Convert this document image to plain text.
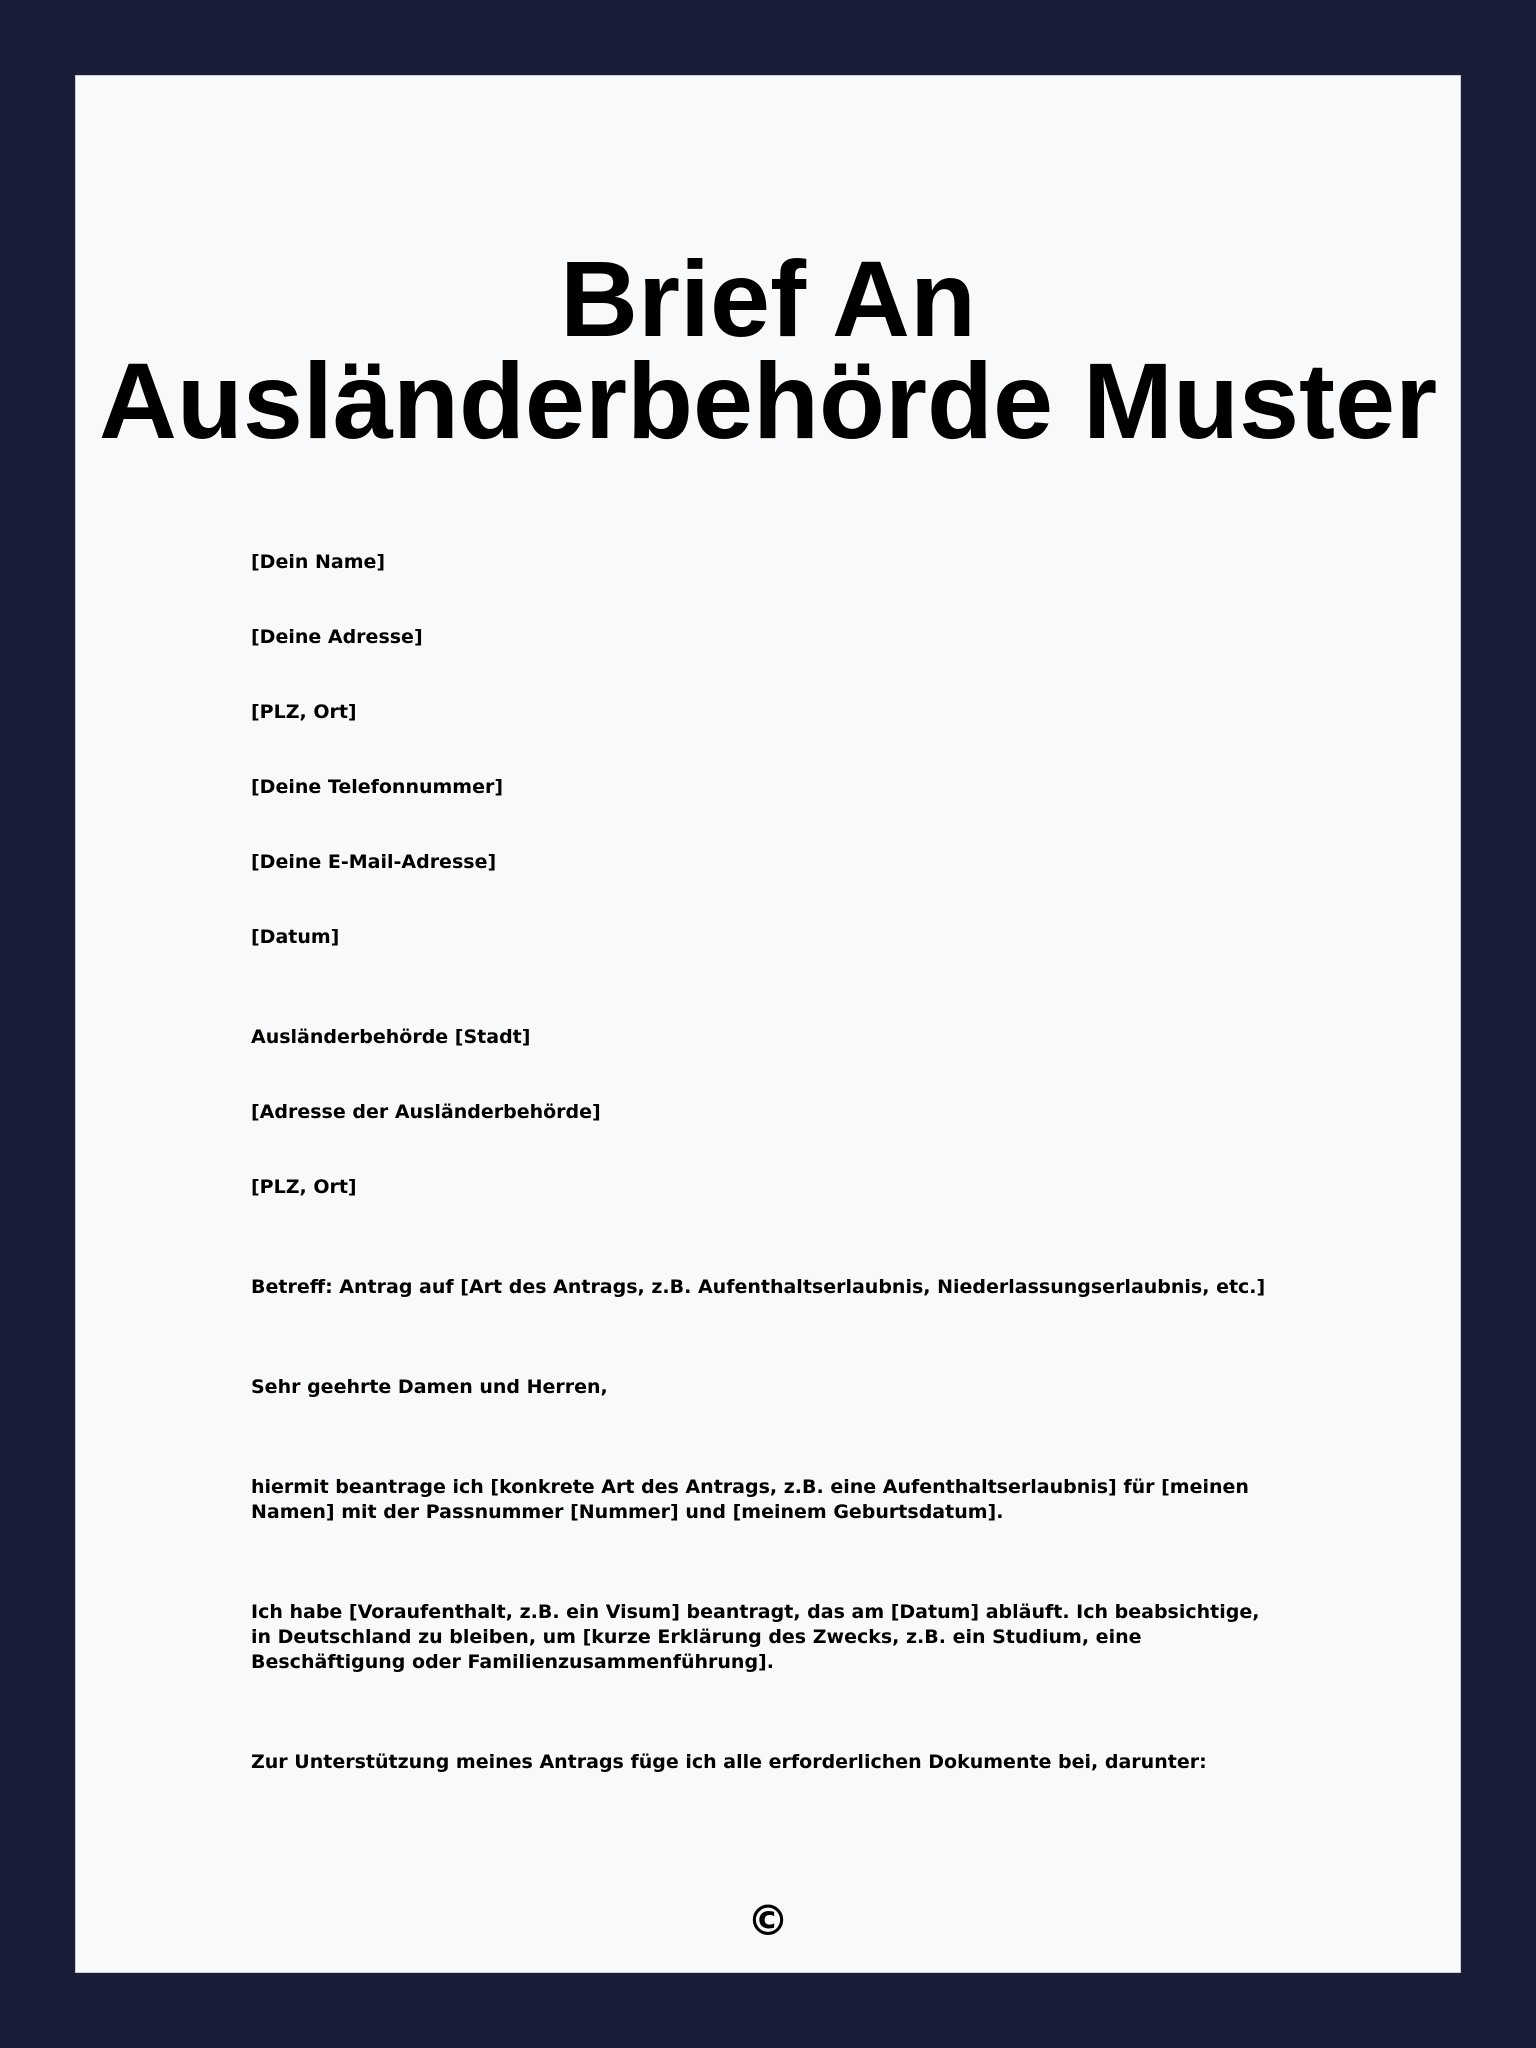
Brief An Ausländerbehörde Muster

[Dein Name]

[Deine Adresse]

[PLZ, Ort]

[Deine Telefonnummer]

[Deine E-Mail-Adresse]

[Datum]

Ausländerbehörde [Stadt]

[Adresse der Ausländerbehörde]

[PLZ, Ort]

Betreff: Antrag auf [Art des Antrags, z.B. Aufenthaltserlaubnis, Niederlassungserlaubnis, etc.]

Sehr geehrte Damen und Herren,

hiermit beantrage ich [konkrete Art des Antrags, z.B. eine Aufenthaltserlaubnis] für [meinen Namen] mit der Passnummer [Nummer] und [meinem Geburtsdatum].

Ich habe [Voraufenthalt, z.B. ein Visum] beantragt, das am [Datum] abläuft. Ich beabsichtige, in Deutschland zu bleiben, um [kurze Erklärung des Zwecks, z.B. ein Studium, eine Beschäftigung oder Familienzusammenführung].

Zur Unterstützung meines Antrags füge ich alle erforderlichen Dokumente bei, darunter:

©
